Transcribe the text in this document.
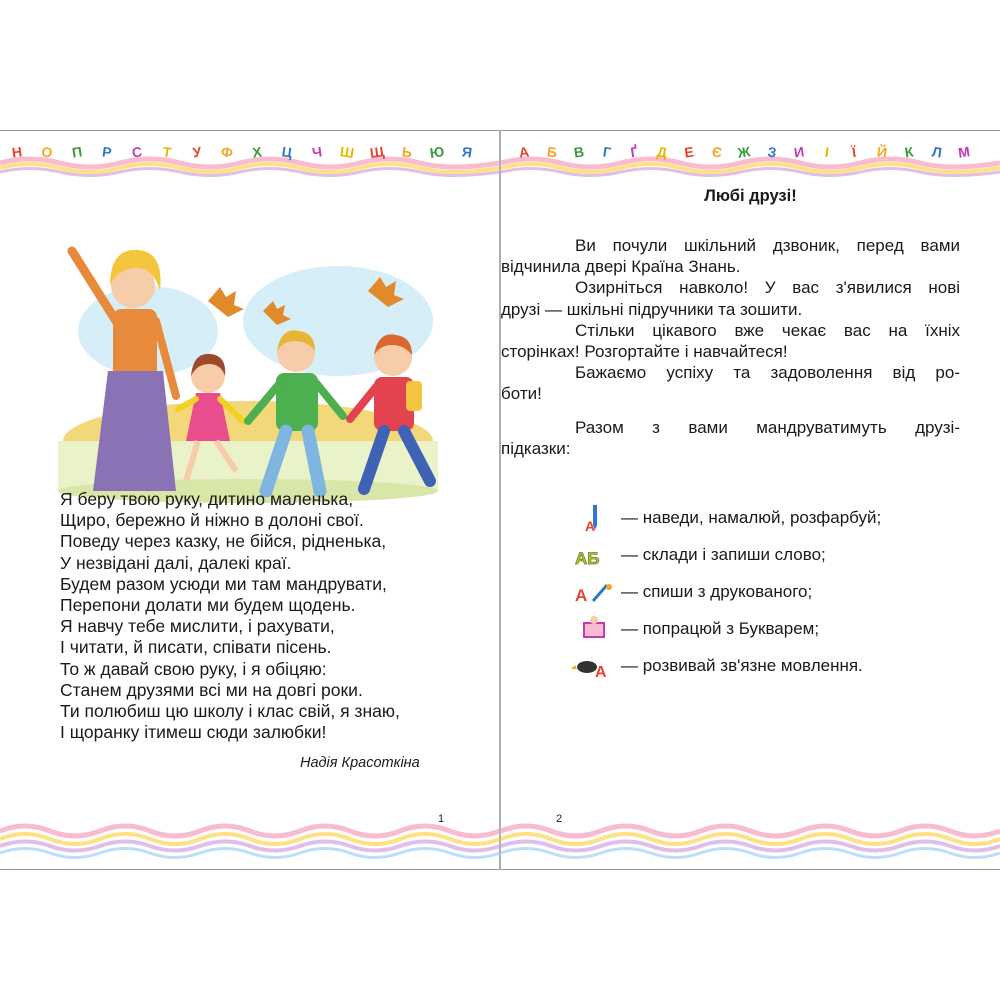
Н	О	П	Р	С	Т	У	Ф	Х	Ц	Ч	Ш Щ	Ь	Ю	Я
Я беру твою руку, дитино маленька,
Щиро, бережно й ніжно в долоні свої.
Поведу через казку, не бійся, рідненька,
У незвідані далі, далекі краї.
Будем разом усюди ми там мандрувати,
Перепони долати ми будем щодень.
Я навчу тебе мислити, і рахувати,
І читати, й писати, співати пісень.
То ж давай свою руку, і я обіцяю:
Станем друзями всі ми на довгі роки.
Ти полюбиш цю школу і клас свій, я знаю,
І щоранку ітимеш сюди залюбки!
Надія Красоткіна
1
А	Б	В	Г	Ґ	Д	Е	Є	Ж	З	И	І	Ї	Й	К	Л	М
Любі друзі!

Ви почули шкільний дзвоник, перед вами
відчинила двері Країна Знань.

Озирніться навколо! У вас з'явилися нові
друзі — шкільні підручники та зошити.

Стільки цікавого вже чекає вас на їхніх
сторінках! Розгортайте і навчайтеся!

Бажаємо успіху та задоволення від ро-
боти!

Разом з вами мандруватимуть друзі-
підказки:

A — наведи, намалюй, розфарбуй;
АБ — склади і запиши слово;
А — спиши з друкованого;
— попрацюй з Букварем;
А — розвивай зв'язне мовлення.
2
